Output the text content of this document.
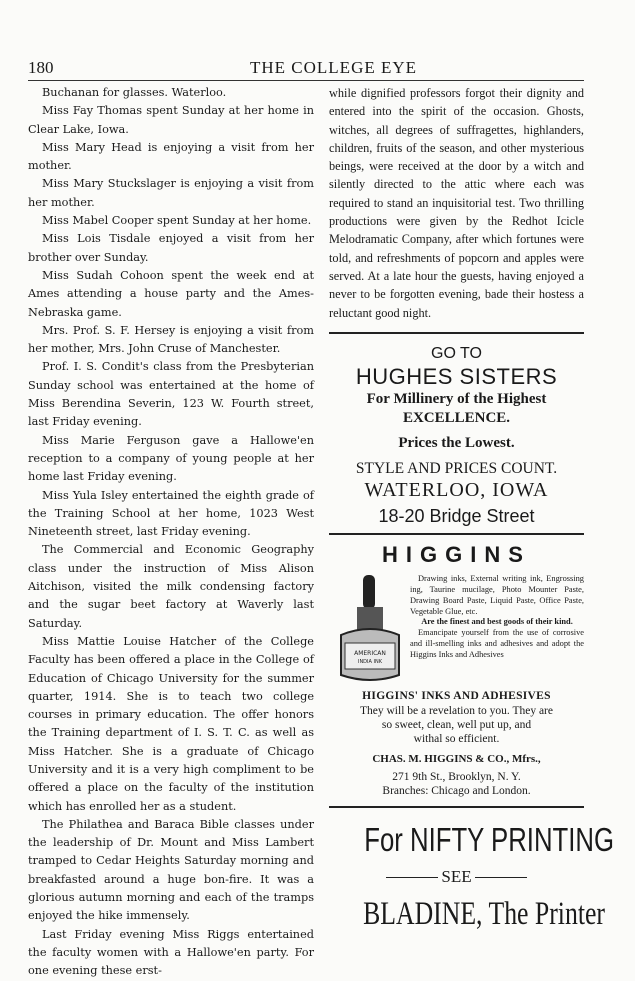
180	THE COLLEGE EYE

Buchanan for glasses. Waterloo.

Miss Fay Thomas spent Sunday at her home in Clear Lake, Iowa.

Miss Mary Head is enjoying a visit from her mother.

Miss Mary Stuckslager is enjoying a visit from her mother.

Miss Mabel Cooper spent Sunday at her home.

Miss Lois Tisdale enjoyed a visit from her brother over Sunday.

Miss Sudah Cohoon spent the week end at Ames attending a house party and the Ames-Nebraska game.

Mrs. Prof. S. F. Hersey is enjoying a visit from her mother, Mrs. John Cruse of Manchester.

Prof. I. S. Condit's class from the Presbyterian Sunday school was entertained at the home of Miss Berendina Severin, 123 W. Fourth street, last Friday evening.

Miss Marie Ferguson gave a Hallowe'en reception to a company of young people at her home last Friday evening.

Miss Yula Isley entertained the eighth grade of the Training School at her home, 1023 West Nineteenth street, last Friday evening.

The Commercial and Economic Geography class under the instruction of Miss Alison Aitchison, visited the milk condensing factory and the sugar beet factory at Waverly last Saturday.

Miss Mattie Louise Hatcher of the College Faculty has been offered a place in the College of Education of Chicago University for the summer quarter, 1914. She is to teach two college courses in primary education. The offer honors the Training department of I. S. T. C. as well as Miss Hatcher. She is a graduate of Chicago University and it is a very high compliment to be offered a place on the faculty of the institution which has enrolled her as a student.

The Philathea and Baraca Bible classes under the leadership of Dr. Mount and Miss Lambert tramped to Cedar Heights Saturday morning and breakfasted around a huge bon-fire. It was a glorious autumn morning and each of the tramps enjoyed the hike immensely.

Last Friday evening Miss Riggs entertained the faculty women with a Hallowe'en party. For one evening these erst-

while dignified professors forgot their dignity and entered into the spirit of the occasion. Ghosts, witches, all degrees of suffragettes, highlanders, children, fruits of the season, and other mysterious beings, were received at the door by a witch and silently directed to the attic where each was required to stand an inquisitorial test. Two thrilling productions were given by the Redhot Icicle Melodramatic Company, after which fortunes were told, and refreshments of popcorn and apples were served. At a late hour the guests, having enjoyed a never to be forgotten evening, bade their hostess a reluctant good night.

GO TO
HUGHES SISTERS
For Millinery of the Highest
EXCELLENCE.
Prices the Lowest.
STYLE AND PRICES COUNT.
WATERLOO, IOWA
18-20 Bridge Street
HIGGINS
AMERICAN
INDIA INK

Drawing inks, External writing ink, Engrossing ing, Taurine mucilage, Photo Mounter Paste, Drawing Board Paste, Liquid Paste, Office Paste, Vegetable Glue, etc.

Are the finest and best goods of their kind.

Emancipate yourself from the use of corrosive and ill-smelling inks and adhesives and adopt the Higgins Inks and Adhesives

HIGGINS' INKS AND ADHESIVES
They will be a revelation to you. They are
so sweet, clean, well put up, and
withal so efficient.
CHAS. M. HIGGINS & CO., Mfrs.,
271 9th St., Brooklyn, N. Y.
Branches: Chicago and London.
For NIFTY PRINTING
SEE
BLADINE, The Printer
